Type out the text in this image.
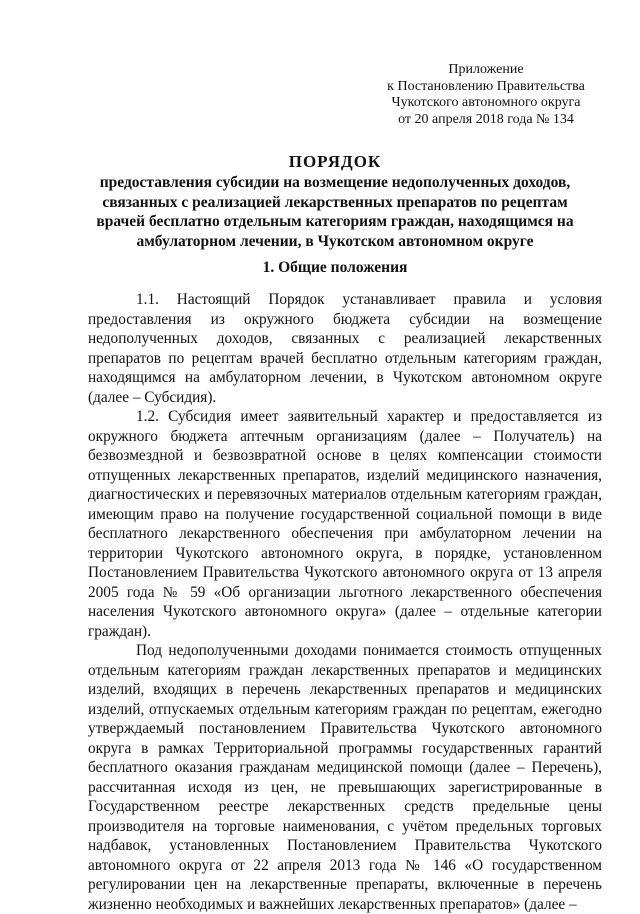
Приложение
к Постановлению Правительства
Чукотского автономного округа
от 20 апреля 2018 года № 134
ПОРЯДОК
предоставления субсидии на возмещение недополученных доходов, связанных с реализацией лекарственных препаратов по рецептам врачей бесплатно отдельным категориям граждан, находящимся на амбулаторном лечении, в Чукотском автономном округе
1. Общие положения

1.1. Настоящий Порядок устанавливает правила и условия предоставления из окружного бюджета субсидии на возмещение недополученных доходов, связанных с реализацией лекарственных препаратов по рецептам врачей бесплатно отдельным категориям граждан, находящимся на амбулаторном лечении, в Чукотском автономном округе (далее – Субсидия).

1.2. Субсидия имеет заявительный характер и предоставляется из окружного бюджета аптечным организациям (далее – Получатель) на безвозмездной и безвозвратной основе в целях компенсации стоимости отпущенных лекарственных препаратов, изделий медицинского назначения, диагностических и перевязочных материалов отдельным категориям граждан, имеющим право на получение государственной социальной помощи в виде бесплатного лекарственного обеспечения при амбулаторном лечении на территории Чукотского автономного округа, в порядке, установленном Постановлением Правительства Чукотского автономного округа от 13 апреля 2005 года № 59 «Об организации льготного лекарственного обеспечения населения Чукотского автономного округа» (далее – отдельные категории граждан).

Под недополученными доходами понимается стоимость отпущенных отдельным категориям граждан лекарственных препаратов и медицинских изделий, входящих в перечень лекарственных препаратов и медицинских изделий, отпускаемых отдельным категориям граждан по рецептам, ежегодно утверждаемый постановлением Правительства Чукотского автономного округа в рамках Территориальной программы государственных гарантий бесплатного оказания гражданам медицинской помощи (далее – Перечень), рассчитанная исходя из цен, не превышающих зарегистрированные в Государственном реестре лекарственных средств предельные цены производителя на торговые наименования, с учётом предельных торговых надбавок, установленных Постановлением Правительства Чукотского автономного округа от 22 апреля 2013 года № 146 «О государственном регулировании цен на лекарственные препараты, включенные в перечень жизненно необходимых и важнейших лекарственных препаратов» (далее –
